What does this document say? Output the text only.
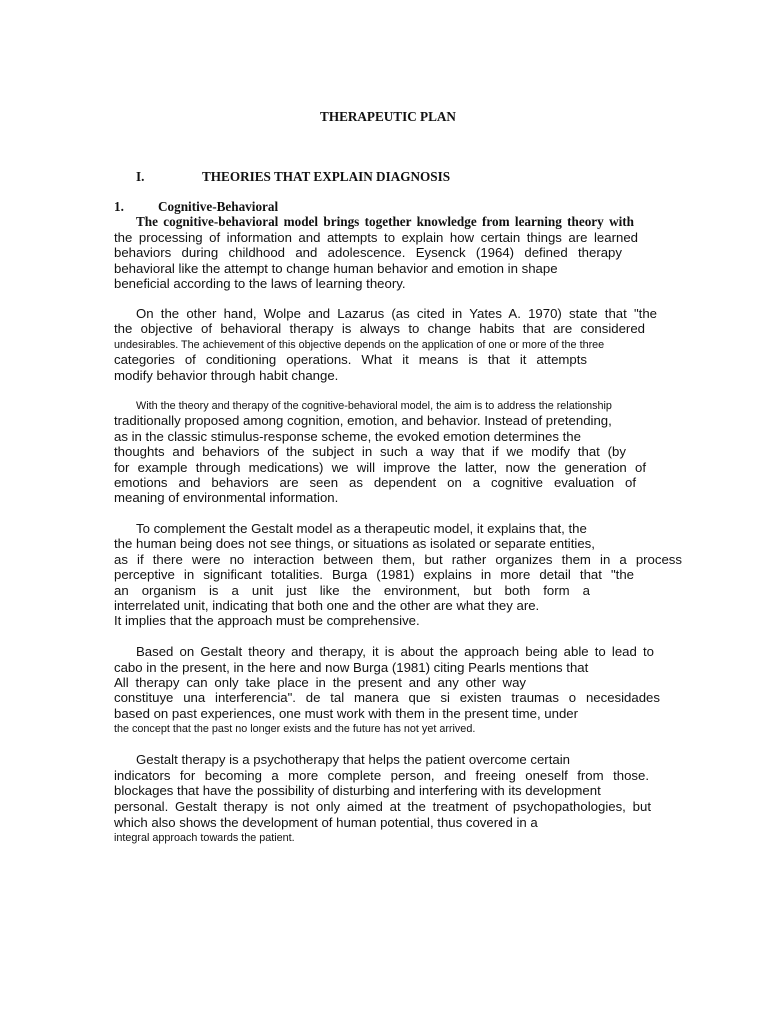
THERAPEUTIC PLAN
I.	THEORIES THAT EXPLAIN DIAGNOSIS
1.	Cognitive-Behavioral
The cognitive-behavioral model brings together knowledge from learning theory with
the processing of information and attempts to explain how certain things are learned
behaviors during childhood and adolescence. Eysenck (1964) defined therapy
behavioral like the attempt to change human behavior and emotion in shape
beneficial according to the laws of learning theory.
On the other hand, Wolpe and Lazarus (as cited in Yates A. 1970) state that "the
the objective of behavioral therapy is always to change habits that are considered
undesirables. The achievement of this objective depends on the application of one or more of the three
categories of conditioning operations. What it means is that it attempts
modify behavior through habit change.
With the theory and therapy of the cognitive-behavioral model, the aim is to address the relationship
traditionally proposed among cognition, emotion, and behavior. Instead of pretending,
as in the classic stimulus-response scheme, the evoked emotion determines the
thoughts and behaviors of the subject in such a way that if we modify that (by
for example through medications) we will improve the latter, now the generation of
emotions and behaviors are seen as dependent on a cognitive evaluation of
meaning of environmental information.
To complement the Gestalt model as a therapeutic model, it explains that, the
the human being does not see things, or situations as isolated or separate entities,
as if there were no interaction between them, but rather organizes them in a process
perceptive in significant totalities. Burga (1981) explains in more detail that "the
an organism is a unit just like the environment, but both form a
interrelated unit, indicating that both one and the other are what they are.
It implies that the approach must be comprehensive.
Based on Gestalt theory and therapy, it is about the approach being able to lead to
cabo in the present, in the here and now Burga (1981) citing Pearls mentions that
All therapy can only take place in the present and any other way
constituye una interferencia". de tal manera que si existen traumas o necesidades
based on past experiences, one must work with them in the present time, under
the concept that the past no longer exists and the future has not yet arrived.
Gestalt therapy is a psychotherapy that helps the patient overcome certain
indicators for becoming a more complete person, and freeing oneself from those.
blockages that have the possibility of disturbing and interfering with its development
personal. Gestalt therapy is not only aimed at the treatment of psychopathologies, but
which also shows the development of human potential, thus covered in a
integral approach towards the patient.
